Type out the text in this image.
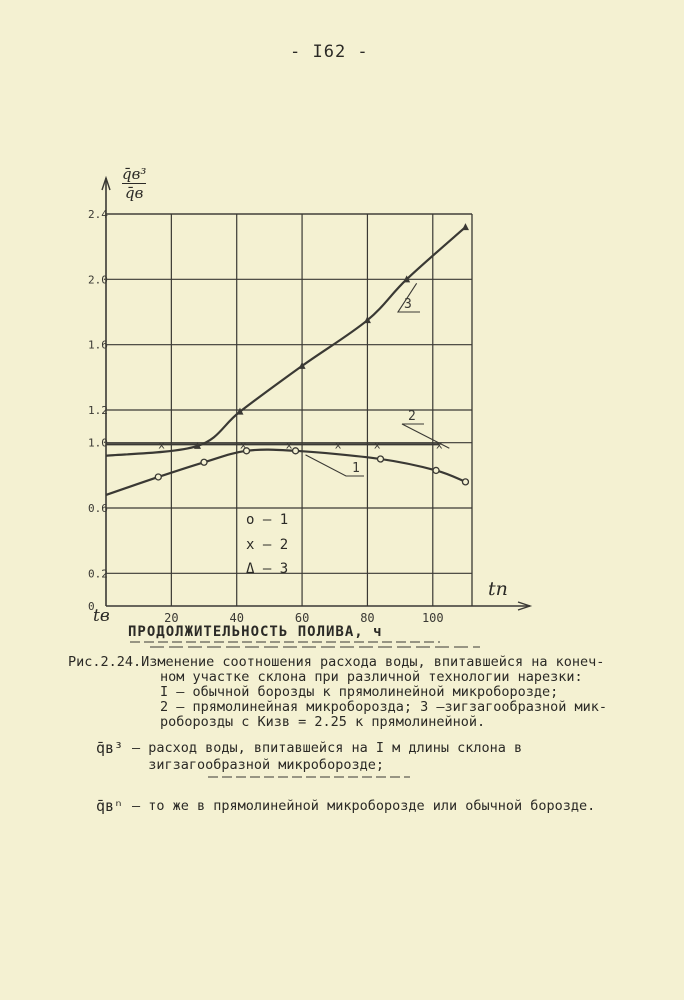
- I62 -
20	40	60	80	100
0
0.2
0.6
1.0
1.2
1.6
2.0
2.4
x	x	x	x	x	x
1
2
3
q̄в³
q̄в
tп
tв
ПРОДОЛЖИТЕЛЬНОСТЬ ПОЛИВА, ч
о – 1
х – 2
Δ – 3
Рис.2.24.Изменение соотношения расхода воды, впитавшейся на конеч-
ном участке склона при различной технологии нарезки:
I – обычной борозды к прямолинейной микроборозде;
2 – прямолинейная микроборозда; 3 –зигзагообразной мик-
роборозды с Кизв = 2.25 к прямолинейной.

q̄в³

– расход воды, впитавшейся на I м длины склона в
зигзагообразной микроборозде;

q̄вⁿ

– то же в прямолинейной микроборозде или обычной борозде.
